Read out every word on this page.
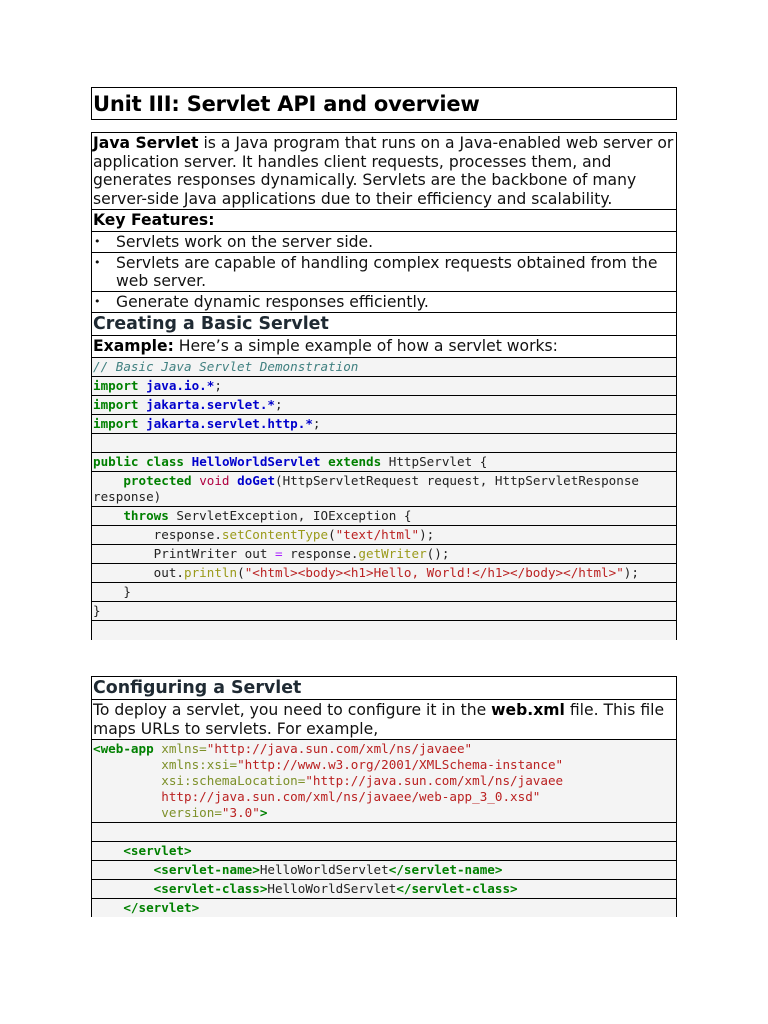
Unit III: Servlet API and overview
Java Servlet is a Java program that runs on a Java-enabled web server or application server. It handles client requests, processes them, and generates responses dynamically. Servlets are the backbone of many server-side Java applications due to their efficiency and scalability.
Key Features:
• Servlets work on the server side.
• Servlets are capable of handling complex requests obtained from the web server.
• Generate dynamic responses efficiently.
Creating a Basic Servlet
Example: Here’s a simple example of how a servlet works:
// Basic Java Servlet Demonstration
import java.io.*;
import jakarta.servlet.*;
import jakarta.servlet.http.*;
public class HelloWorldServlet extends HttpServlet {
protected void doGet(HttpServletRequest request, HttpServletResponse response)
throws ServletException, IOException {
response.setContentType("text/html");
PrintWriter out = response.getWriter();
out.println("<html><body><h1>Hello, World!</h1></body></html>");
}
}
Configuring a Servlet
To deploy a servlet, you need to configure it in the web.xml file. This file maps URLs to servlets. For example,
<web-app xmlns="http://java.sun.com/xml/ns/javaee"
xmlns:xsi="http://www.w3.org/2001/XMLSchema-instance"
xsi:schemaLocation="http://java.sun.com/xml/ns/javaee
http://java.sun.com/xml/ns/javaee/web-app_3_0.xsd"
version="3.0">
<servlet>
<servlet-name>HelloWorldServlet</servlet-name>
<servlet-class>HelloWorldServlet</servlet-class>
</servlet>
